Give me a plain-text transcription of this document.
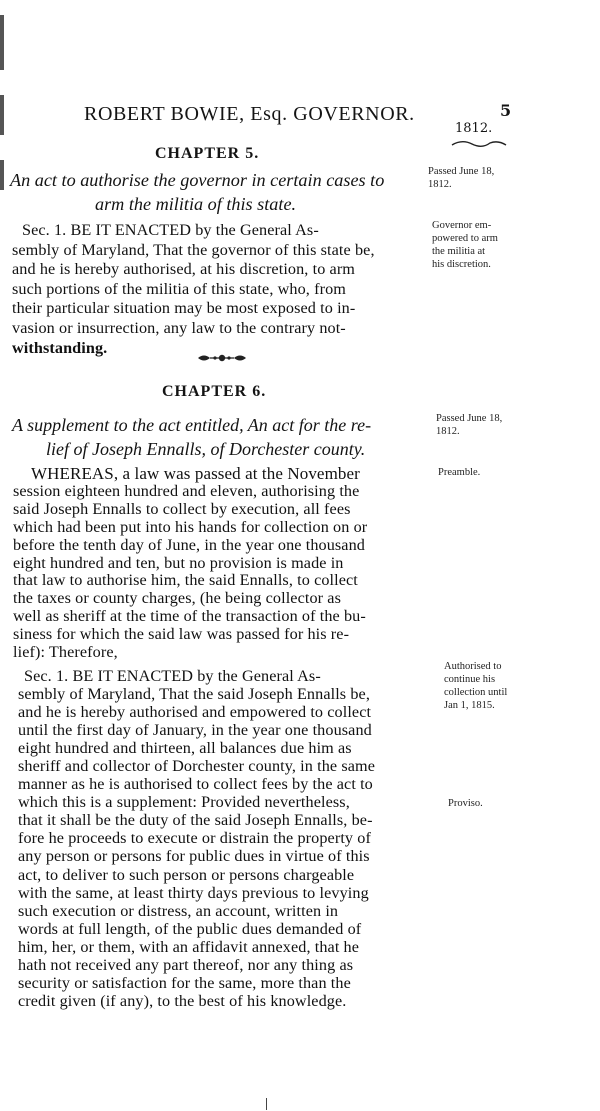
ROBERT BOWIE, Esq. GOVERNOR.	5
1812.
CHAPTER 5.
An act to authorise the governor in certain cases to
arm the militia of this state.
Passed June 18,
1812.
Governor em-
powered to arm
the militia at
his discretion.
Sec. 1. BE IT ENACTED by the General As-
sembly of Maryland, That the governor of this state be,
and he is hereby authorised, at his discretion, to arm
such portions of the militia of this state, who, from
their particular situation may be most exposed to in-
vasion or insurrection, any law to the contrary not-
withstanding.
CHAPTER 6.
A supplement to the act entitled, An act for the re-
lief of Joseph Ennalls, of Dorchester county.
Passed June 18,
1812.
Preamble.
WHEREAS, a law was passed at the November
session eighteen hundred and eleven, authorising the
said Joseph Ennalls to collect by execution, all fees
which had been put into his hands for collection on or
before the tenth day of June, in the year one thousand
eight hundred and ten, but no provision is made in
that law to authorise him, the said Ennalls, to collect
the taxes or county charges, (he being collector as
well as sheriff at the time of the transaction of the bu-
siness for which the said law was passed for his re-
lief): Therefore,
Authorised to
continue his
collection until
Jan 1, 1815.
Proviso.
Sec. 1. BE IT ENACTED by the General As-
sembly of Maryland, That the said Joseph Ennalls be,
and he is hereby authorised and empowered to collect
until the first day of January, in the year one thousand
eight hundred and thirteen, all balances due him as
sheriff and collector of Dorchester county, in the same
manner as he is authorised to collect fees by the act to
which this is a supplement: Provided nevertheless,
that it shall be the duty of the said Joseph Ennalls, be-
fore he proceeds to execute or distrain the property of
any person or persons for public dues in virtue of this
act, to deliver to such person or persons chargeable
with the same, at least thirty days previous to levying
such execution or distress, an account, written in
words at full length, of the public dues demanded of
him, her, or them, with an affidavit annexed, that he
hath not received any part thereof, nor any thing as
security or satisfaction for the same, more than the
credit given (if any), to the best of his knowledge.
